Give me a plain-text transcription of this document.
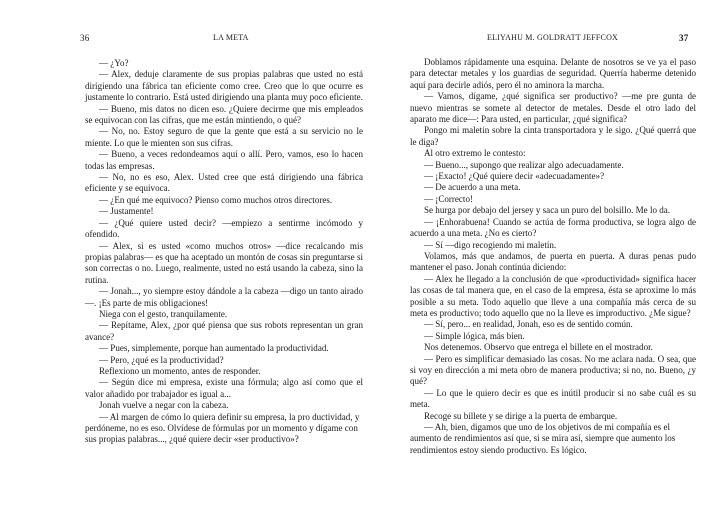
36	LA META

— ¿Yo?

— Alex, deduje claramente de sus propias palabras que usted no está dirigiendo una fábrica tan eficiente como cree. Creo que lo que ocurre es justamente lo contrario. Está usted dirigiendo una planta muy poco eficiente.

— Bueno, mis datos no dicen eso. ¿Quiere decirme que mis empleados se equivocan con las cifras, que me están mintiendo, o qué?

— No, no. Estoy seguro de que la gente que está a su servicio no le miente. Lo que le mienten son sus cifras.

— Bueno, a veces redondeamos aquí o allí. Pero, vamos, eso lo hacen todas las empresas.

— No, no es eso, Alex. Usted cree que está dirigiendo una fábrica eficiente y se equivoca.

— ¿En qué me equivoco? Pienso como muchos otros directores.

— Justamente!

— ¿Qué quiere usted decir? —empiezo a sentirme incómodo y ofendido.

— Alex, si es usted «como muchos otros» —dice recalcando mis propias palabras— es que ha aceptado un montón de cosas sin preguntarse si son correctas o no. Luego, realmente, usted no está usando la cabeza, sino la rutina.

— Jonah..., yo siempre estoy dándole a la cabeza —digo un tanto airado—. ¡Es parte de mis obligaciones!

Niega con el gesto, tranquilamente.

— Repítame, Alex, ¿por qué piensa que sus robots representan un gran avance?

— Pues, simplemente, porque han aumentado la productividad.

— Pero, ¿qué es la productividad?

Reflexiono un momento, antes de responder.

— Según dice mi empresa, existe una fórmula; algo así como que el valor añadido por trabajador es igual a...

Jonah vuelve a negar con la cabeza.

— Al margen de cómo lo quiera definir su empresa, la pro ductividad, y perdóneme, no es eso. Olvídese de fórmulas por un momento y dígame con sus propias palabras..., ¿qué quiere decir «ser productivo»?

ELIYAHU M. GOLDRATT JEFFCOX	37

Doblamos rápidamente una esquina. Delante de nosotros se ve ya el paso para detectar metales y los guardias de seguridad. Querría haberme detenido aquí para decirle adiós, pero él no aminora la marcha.

— Vamos, dígame, ¿qué significa ser productivo? —me pre gunta de nuevo mientras se somete al detector de metales. Desde el otro lado del aparato me dice—: Para usted, en particular, ¿qué significa?

Pongo mi maletín sobre la cinta transportadora y le sigo. ¿Qué querrá que le diga?

Al otro extremo le contesto:

— Bueno..., supongo que realizar algo adecuadamente.

— ¡Exacto! ¿Qué quiere decir «adecuadamente»?

— De acuerdo a una meta.

— ¡Correcto!

Se hurga por debajo del jersey y saca un puro del bolsillo. Me lo da.

— ¡Enhorabuena! Cuando se actúa de forma productiva, se logra algo de acuerdo a una meta. ¿No es cierto?

— Sí —digo recogiendo mi maletín.

Volamos, más que andamos, de puerta en puerta. A duras penas pudo mantener el paso. Jonah continúa diciendo:

— Alex he llegado a la conclusión de que «productividad» significa hacer las cosas de tal manera que, en el caso de la empresa, ésta se aproxime lo más posible a su meta. Todo aquello que lleve a una compañía más cerca de su meta es productivo; todo aquello que no la lleve es improductivo. ¿Me sigue?

— Sí, pero... en realidad, Jonah, eso es de sentido común.

— Simple lógica, más bien.

Nos detenemos. Observo que entrega el billete en el mostrador.

— Pero es simplificar demasiado las cosas. No me aclara nada. O sea, que si voy en dirección a mi meta obro de manera productiva; si no, no. Bueno, ¿y qué?

— Lo que le quiero decir es que es inútil producir si no sabe cuál es su meta.

Recoge su billete y se dirige a la puerta de embarque.

— Ah, bien, digamos que uno de los objetivos de mi compañía es el aumento de rendimientos así que, si se mira así, siempre que aumento los rendimientos estoy siendo productivo. Es lógico.
